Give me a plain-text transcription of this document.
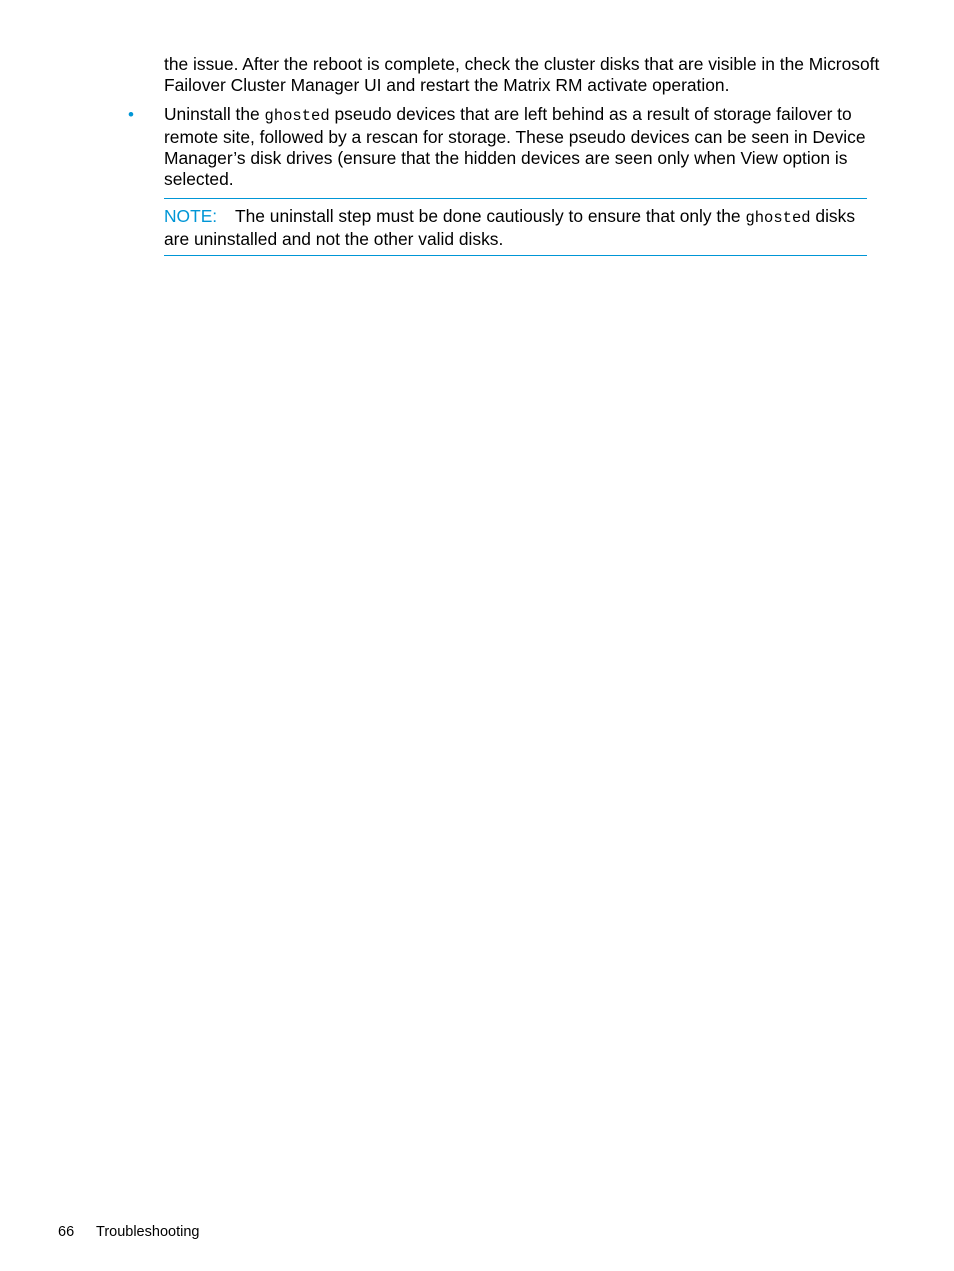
the issue. After the reboot is complete, check the cluster disks that are visible in the Microsoft
Failover Cluster Manager UI and restart the Matrix RM activate operation.

• Uninstall the ghosted pseudo devices that are left behind as a result of storage failover to
remote site, followed by a rescan for storage. These pseudo devices can be seen in Device
Manager’s disk drives (ensure that the hidden devices are seen only when View option is
selected.
NOTE: The uninstall step must be done cautiously to ensure that only the ghosted disks
are uninstalled and not the other valid disks.
66 Troubleshooting
